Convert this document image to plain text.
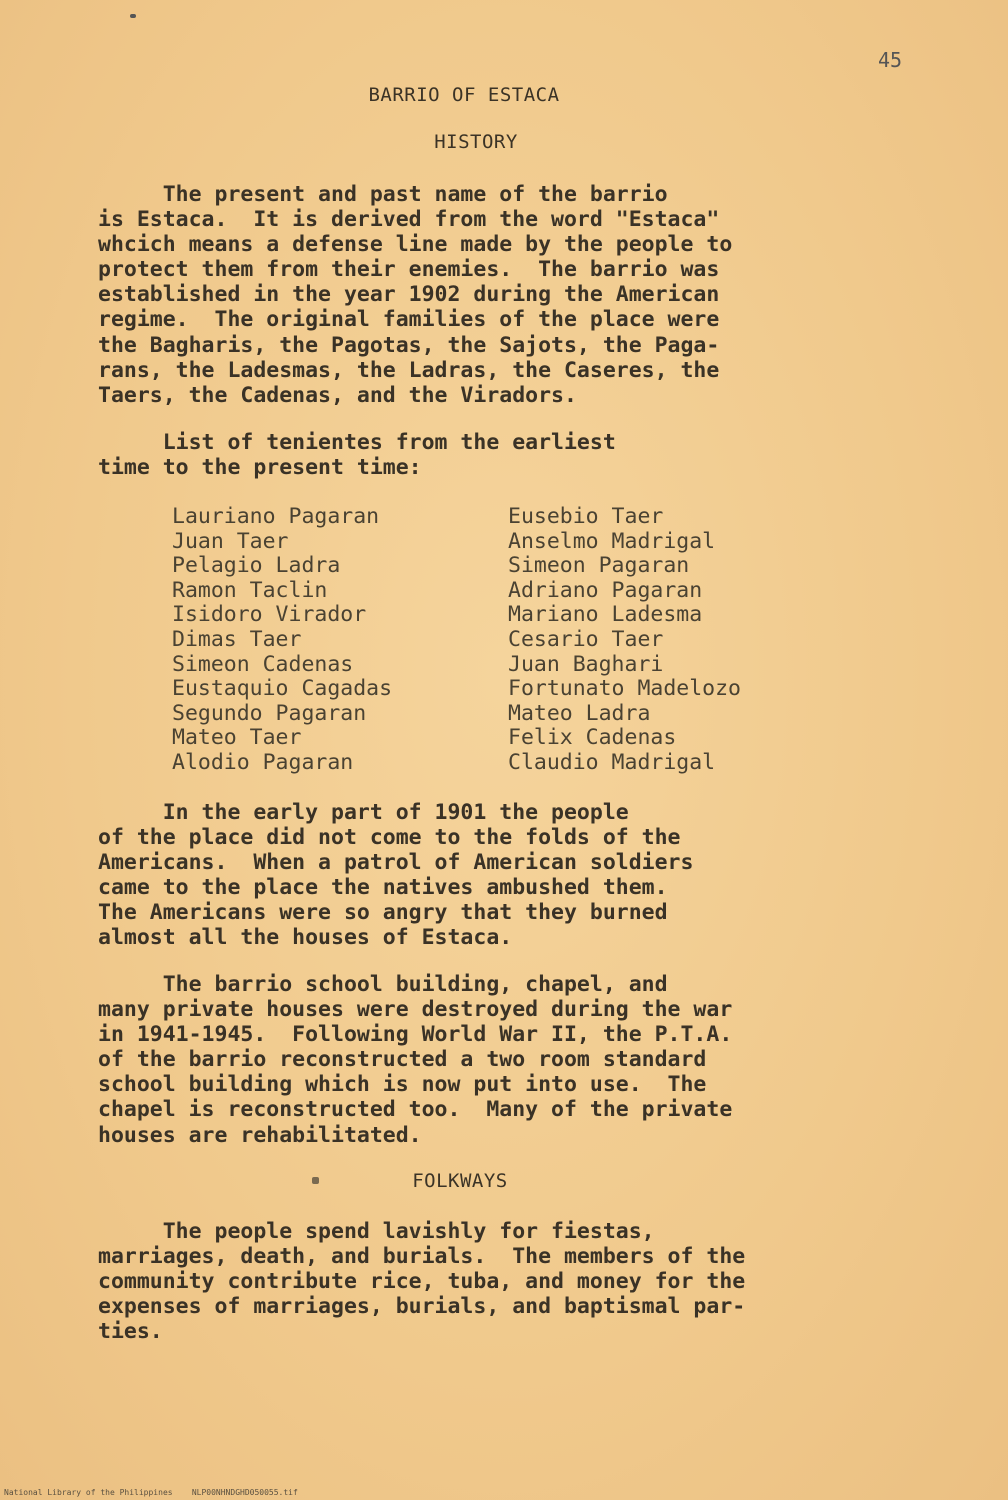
45
BARRIO OF ESTACA
HISTORY
The present and past name of the barrio
is Estaca.  It is derived from the word "Estaca"
whcich means a defense line made by the people to
protect them from their enemies.  The barrio was
established in the year 1902 during the American
regime.  The original families of the place were
the Bagharis, the Pagotas, the Sajots, the Paga-
rans, the Ladesmas, the Ladras, the Caseres, the
Taers, the Cadenas, and the Viradors.
List of tenientes from the earliest
time to the present time:
Lauriano Pagaran
Juan Taer
Pelagio Ladra
Ramon Taclin
Isidoro Virador
Dimas Taer
Simeon Cadenas
Eustaquio Cagadas
Segundo Pagaran
Mateo Taer
Alodio Pagaran
Eusebio Taer
Anselmo Madrigal
Simeon Pagaran
Adriano Pagaran
Mariano Ladesma
Cesario Taer
Juan Baghari
Fortunato Madelozo
Mateo Ladra
Felix Cadenas
Claudio Madrigal
In the early part of 1901 the people
of the place did not come to the folds of the
Americans.  When a patrol of American soldiers
came to the place the natives ambushed them.
The Americans were so angry that they burned
almost all the houses of Estaca.
The barrio school building, chapel, and
many private houses were destroyed during the war
in 1941-1945.  Following World War II, the P.T.A.
of the barrio reconstructed a two room standard
school building which is now put into use.  The
chapel is reconstructed too.  Many of the private
houses are rehabilitated.
FOLKWAYS
The people spend lavishly for fiestas,
marriages, death, and burials.  The members of the
community contribute rice, tuba, and money for the
expenses of marriages, burials, and baptismal par-
ties.
National Library of the Philippines    NLP00NHNDGHD050055.tif
